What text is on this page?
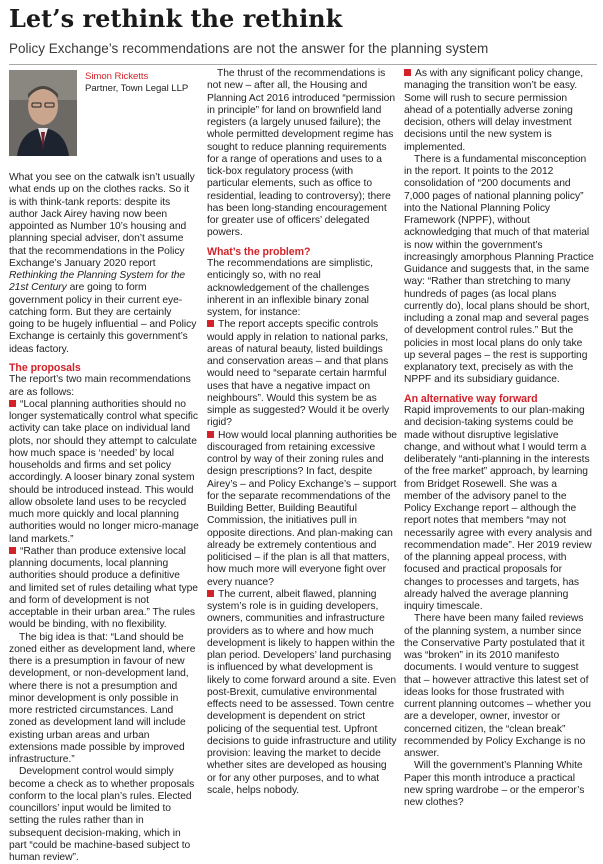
Let’s rethink the rethink

Policy Exchange’s recommendations are not the answer for the planning system

Simon Ricketts
Partner, Town Legal LLP

What you see on the catwalk isn’t usually what ends up on the clothes racks. So it is with think-tank reports: despite its author Jack Airey having now been appointed as Number 10’s housing and planning special adviser, don’t assume that the recommendations in the Policy Exchange’s January 2020 report Rethinking the Planning System for the 21st Century are going to form government policy in their current eye-catching form. But they are certainly going to be hugely influential – and Policy Exchange is certainly this government’s ideas factory.

The proposals

The report’s two main recommendations are as follows:

“Local planning authorities should no longer systematically control what specific activity can take place on individual land plots, nor should they attempt to calculate how much space is ‘needed’ by local households and firms and set policy accordingly. A looser binary zonal system should be introduced instead. This would allow obsolete land uses to be recycled much more quickly and local planning authorities would no longer micro-manage land markets.”

“Rather than produce extensive local planning documents, local planning authorities should produce a definitive and limited set of rules detailing what type and form of development is not acceptable in their urban area.” The rules would be binding, with no flexibility.

The big idea is that: “Land should be zoned either as development land, where there is a presumption in favour of new development, or non-development land, where there is not a presumption and minor development is only possible in more restricted circumstances. Land zoned as development land will include existing urban areas and urban extensions made possible by improved infrastructure.”

Development control would simply become a check as to whether proposals conform to the local plan’s rules. Elected councillors’ input would be limited to setting the rules rather than in subsequent decision-making, which in part “could be machine-based subject to human review”.

The thrust of the recommendations is not new – after all, the Housing and Planning Act 2016 introduced “permission in principle” for land on brownfield land registers (a largely unused failure); the whole permitted development regime has sought to reduce planning requirements for a range of operations and uses to a tick-box regulatory process (with particular elements, such as office to residential, leading to controversy); there has been long-standing encouragement for greater use of officers’ delegated powers.

What’s the problem?

The recommendations are simplistic, enticingly so, with no real acknowledgement of the challenges inherent in an inflexible binary zonal system, for instance:

The report accepts specific controls would apply in relation to national parks, areas of natural beauty, listed buildings and conservation areas – and that plans would need to “separate certain harmful uses that have a negative impact on neighbours”. Would this system be as simple as suggested? Would it be overly rigid?

How would local planning authorities be discouraged from retaining excessive control by way of their zoning rules and design prescriptions? In fact, despite Airey’s – and Policy Exchange’s – support for the separate recommendations of the Building Better, Building Beautiful Commission, the initiatives pull in opposite directions. And plan-making can already be extremely contentious and politicised – if the plan is all that matters, how much more will everyone fight over every nuance?

The current, albeit flawed, planning system’s role is in guiding developers, owners, communities and infrastructure providers as to where and how much development is likely to happen within the plan period. Developers’ land purchasing is influenced by what development is likely to come forward around a site. Even post-Brexit, cumulative environmental effects need to be assessed. Town centre development is dependent on strict policing of the sequential test. Upfront decisions to guide infrastructure and utility provision: leaving the market to decide whether sites are developed as housing or for any other purposes, and to what scale, helps nobody.

As with any significant policy change, managing the transition won’t be easy. Some will rush to secure permission ahead of a potentially adverse zoning decision, others will delay investment decisions until the new system is implemented.

There is a fundamental misconception in the report. It points to the 2012 consolidation of “200 documents and 7,000 pages of national planning policy” into the National Planning Policy Framework (NPPF), without acknowledging that much of that material is now within the government’s increasingly amorphous Planning Practice Guidance and suggests that, in the same way: “Rather than stretching to many hundreds of pages (as local plans currently do), local plans should be short, including a zonal map and several pages of development control rules.” But the policies in most local plans do only take up several pages – the rest is supporting explanatory text, precisely as with the NPPF and its subsidiary guidance.

An alternative way forward

Rapid improvements to our plan-making and decision-taking systems could be made without disruptive legislative change, and without what I would term a deliberately “anti-planning in the interests of the free market” approach, by learning from Bridget Rosewell. She was a member of the advisory panel to the Policy Exchange report – although the report notes that members “may not necessarily agree with every analysis and recommendation made”. Her 2019 review of the planning appeal process, with focused and practical proposals for changes to processes and targets, has already halved the average planning inquiry timescale.

There have been many failed reviews of the planning system, a number since the Conservative Party postulated that it was “broken” in its 2010 manifesto documents. I would venture to suggest that – however attractive this latest set of ideas looks for those frustrated with current planning outcomes – whether you are a developer, owner, investor or concerned citizen, the “clean break” recommended by Policy Exchange is no answer.

Will the government’s Planning White Paper this month introduce a practical new spring wardrobe – or the emperor’s new clothes?
